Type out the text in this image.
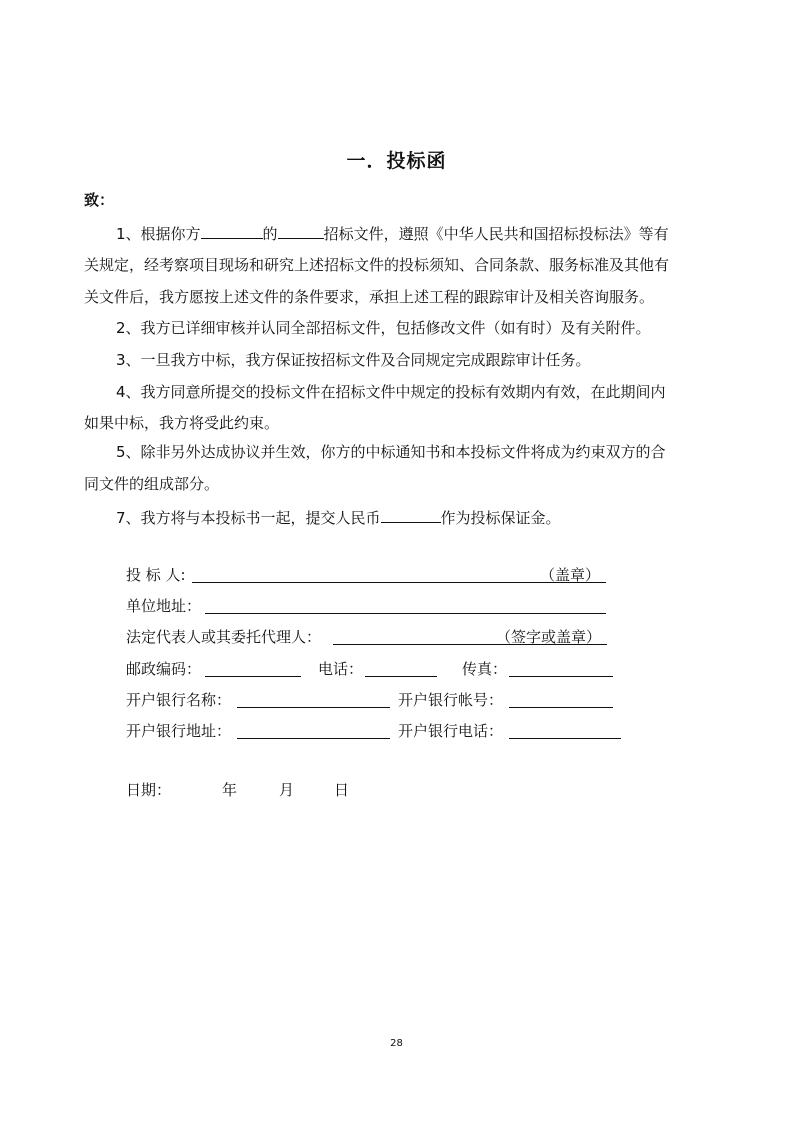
一．投标函
致：
1、根据你方	的	招标文件，遵照《中华人民共和国招标投标法》等有
关规定，经考察项目现场和研究上述招标文件的投标须知、合同条款、服务标准及其他有
关文件后，我方愿按上述文件的条件要求，承担上述工程的跟踪审计及相关咨询服务。
2、我方已详细审核并认同全部招标文件，包括修改文件（如有时）及有关附件。
3、一旦我方中标，我方保证按招标文件及合同规定完成跟踪审计任务。
4、我方同意所提交的投标文件在招标文件中规定的投标有效期内有效，在此期间内
如果中标，我方将受此约束。
5、除非另外达成协议并生效，你方的中标通知书和本投标文件将成为约束双方的合
同文件的组成部分。
7、我方将与本投标书一起，提交人民币	作为投标保证金。
投 标 人:	（盖章）
单位地址：
法定代表人或其委托代理人：	（签字或盖章）
邮政编码：	电话：	传真：
开户银行名称：	开户银行帐号：
开户银行地址：	开户银行电话：
日期：	年	月	日
28
